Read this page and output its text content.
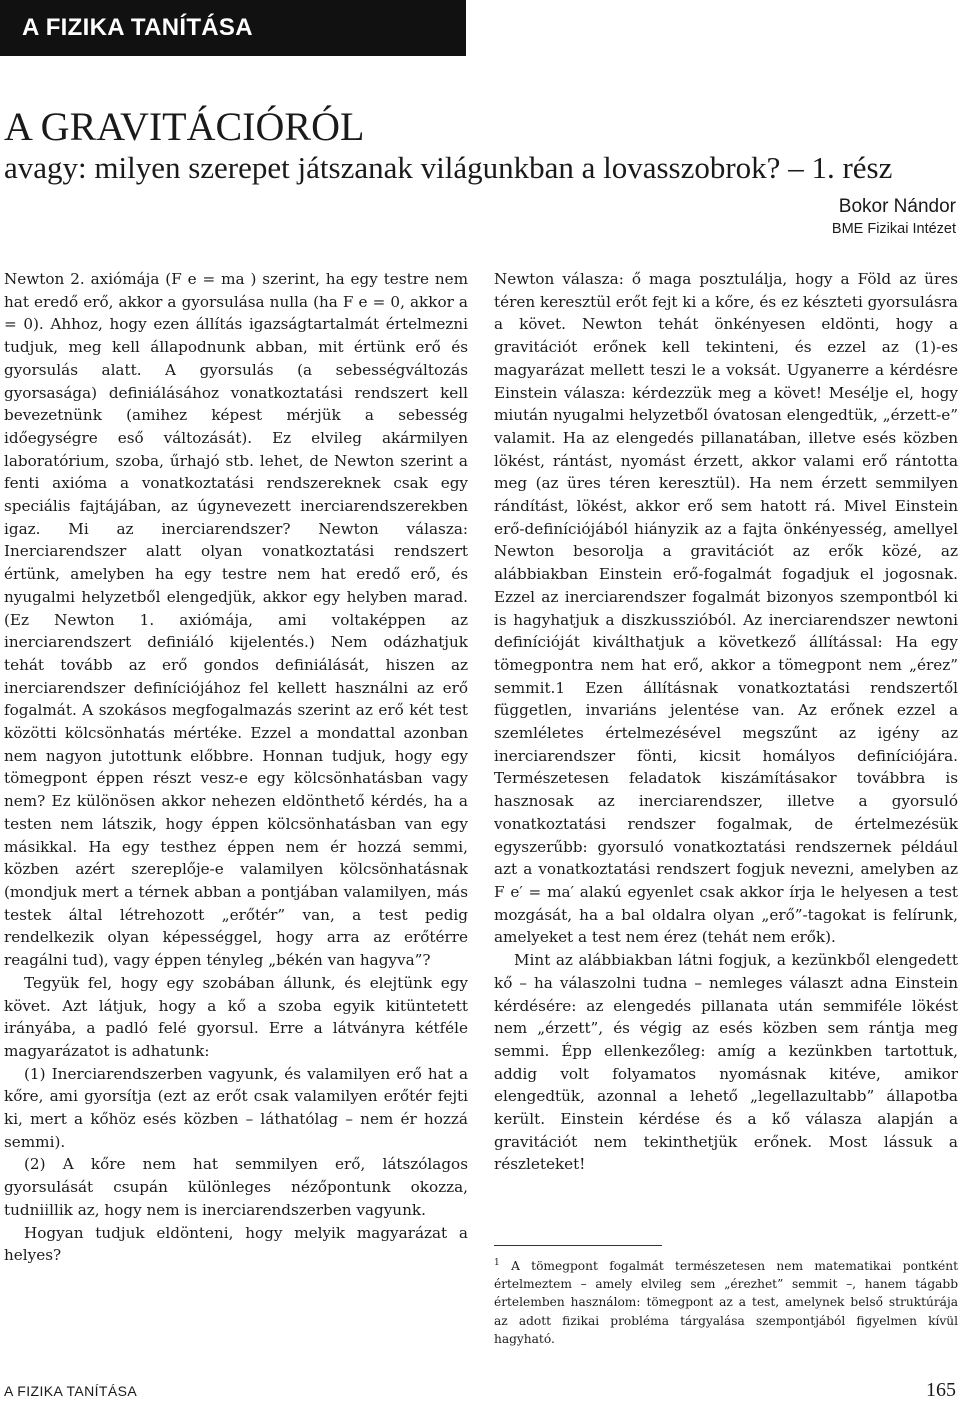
A FIZIKA TANÍTÁSA
A GRAVITÁCIÓRÓL
avagy: milyen szerepet játszanak világunkban a lovasszobrok? – 1. rész
Bokor Nándor
BME Fizikai Intézet

Newton 2. axiómája (F e = ma ) szerint, ha egy testre nem hat eredő erő, akkor a gyorsulása nulla (ha F e = 0, akkor a = 0). Ahhoz, hogy ezen állítás igazságtartalmát értelmezni tudjuk, meg kell állapodnunk abban, mit értünk erő és gyorsulás alatt. A gyorsulás (a sebességváltozás gyorsasága) definiálásához vonatkoztatási rendszert kell bevezetnünk (amihez képest mérjük a sebesség időegységre eső változását). Ez elvileg akármilyen laboratórium, szoba, űrhajó stb. lehet, de Newton szerint a fenti axióma a vonatkoztatási rendszereknek csak egy speciális fajtájában, az úgynevezett inerciarendszerekben igaz. Mi az inerciarendszer? Newton válasza: Inerciarendszer alatt olyan vonatkoztatási rendszert értünk, amelyben ha egy testre nem hat eredő erő, és nyugalmi helyzetből elengedjük, akkor egy helyben marad. (Ez Newton 1. axiómája, ami voltaképpen az inerciarendszert definiáló kijelentés.) Nem odázhatjuk tehát tovább az erő gondos definiálását, hiszen az inerciarendszer definíciójához fel kellett használni az erő fogalmát. A szokásos megfogalmazás szerint az erő két test közötti kölcsönhatás mértéke. Ezzel a mondattal azonban nem nagyon jutottunk előbbre. Honnan tudjuk, hogy egy tömegpont éppen részt vesz-e egy kölcsönhatásban vagy nem? Ez különösen akkor nehezen eldönthető kérdés, ha a testen nem látszik, hogy éppen kölcsönhatásban van egy másikkal. Ha egy testhez éppen nem ér hozzá semmi, közben azért szereplője-e valamilyen kölcsönhatásnak (mondjuk mert a térnek abban a pontjában valamilyen, más testek által létrehozott „erőtér” van, a test pedig rendelkezik olyan képességgel, hogy arra az erőtérre reagálni tud), vagy éppen tényleg „békén van hagyva”?

Tegyük fel, hogy egy szobában állunk, és elejtünk egy követ. Azt látjuk, hogy a kő a szoba egyik kitüntetett irányába, a padló felé gyorsul. Erre a látványra kétféle magyarázatot is adhatunk:

(1) Inerciarendszerben vagyunk, és valamilyen erő hat a kőre, ami gyorsítja (ezt az erőt csak valamilyen erőtér fejti ki, mert a kőhöz esés közben – láthatólag – nem ér hozzá semmi).

(2) A kőre nem hat semmilyen erő, látszólagos gyorsulását csupán különleges nézőpontunk okozza, tudniillik az, hogy nem is inerciarendszerben vagyunk.

Hogyan tudjuk eldönteni, hogy melyik magyarázat a helyes?

Newton válasza: ő maga posztulálja, hogy a Föld az üres téren keresztül erőt fejt ki a kőre, és ez készteti gyorsulásra a követ. Newton tehát önkényesen eldönti, hogy a gravitációt erőnek kell tekinteni, és ezzel az (1)-es magyarázat mellett teszi le a voksát. Ugyanerre a kérdésre Einstein válasza: kérdezzük meg a követ! Mesélje el, hogy miután nyugalmi helyzetből óvatosan elengedtük, „érzett-e” valamit. Ha az elengedés pillanatában, illetve esés közben lökést, rántást, nyomást érzett, akkor valami erő rántotta meg (az üres téren keresztül). Ha nem érzett semmilyen rándítást, lökést, akkor erő sem hatott rá. Mivel Einstein erő-definíciójából hiányzik az a fajta önkényesség, amellyel Newton besorolja a gravitációt az erők közé, az alábbiakban Einstein erő-fogalmát fogadjuk el jogosnak. Ezzel az inerciarendszer fogalmát bizonyos szempontból ki is hagyhatjuk a diszkusszióból. Az inerciarendszer newtoni definícióját kiválthatjuk a következő állítással: Ha egy tömegpontra nem hat erő, akkor a tömegpont nem „érez” semmit.1 Ezen állításnak vonatkoztatási rendszertől független, invariáns jelentése van. Az erőnek ezzel a szemléletes értelmezésével megszűnt az igény az inerciarendszer fönti, kicsit homályos definíciójára. Természetesen feladatok kiszámításakor továbbra is hasznosak az inerciarendszer, illetve a gyorsuló vonatkoztatási rendszer fogalmak, de értelmezésük egyszerűbb: gyorsuló vonatkoztatási rendszernek például azt a vonatkoztatási rendszert fogjuk nevezni, amelyben az F e′ = ma′ alakú egyenlet csak akkor írja le helyesen a test mozgását, ha a bal oldalra olyan „erő”-tagokat is felírunk, amelyeket a test nem érez (tehát nem erők).

Mint az alábbiakban látni fogjuk, a kezünkből elengedett kő – ha válaszolni tudna – nemleges választ adna Einstein kérdésére: az elengedés pillanata után semmiféle lökést nem „érzett”, és végig az esés közben sem rántja meg semmi. Épp ellenkezőleg: amíg a kezünkben tartottuk, addig volt folyamatos nyomásnak kitéve, amikor elengedtük, azonnal a lehető „legellazultabb” állapotba került. Einstein kérdése és a kő válasza alapján a gravitációt nem tekinthetjük erőnek. Most lássuk a részleteket!

$^1$ A tömegpont fogalmát természetesen nem matematikai pontként értelmeztem – amely elvileg sem „érezhet” semmit –, hanem tágabb értelemben használom: tömegpont az a test, amelynek belső struktúrája az adott fizikai probléma tárgyalása szempontjából figyelmen kívül hagyható.
A FIZIKA TANÍTÁSA	165
